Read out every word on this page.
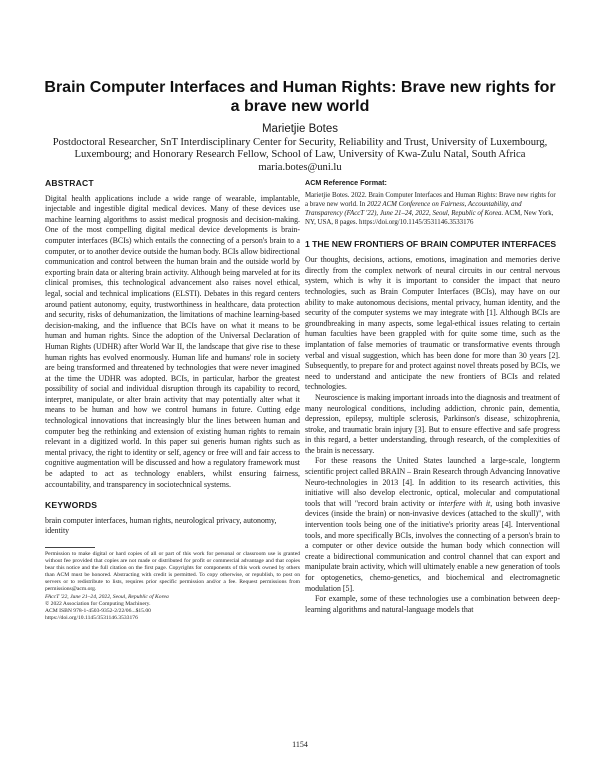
Brain Computer Interfaces and Human Rights: Brave new rights for a brave new world
Marietjie Botes
Postdoctoral Researcher, SnT Interdisciplinary Center for Security, Reliability and Trust, University of Luxembourg, Luxembourg; and Honorary Research Fellow, School of Law, University of Kwa-Zulu Natal, South Africa
maria.botes@uni.lu
ABSTRACT

Digital health applications include a wide range of wearable, implantable, injectable and ingestible digital medical devices. Many of these devices use machine learning algorithms to assist medical prognosis and decision-making. One of the most compelling digital medical device developments is brain-computer interfaces (BCIs) which entails the connecting of a person's brain to a computer, or to another device outside the human body. BCIs allow bidirectional communication and control between the human brain and the outside world by exporting brain data or altering brain activity. Although being marveled at for its clinical promises, this technological advancement also raises novel ethical, legal, social and technical implications (ELSTI). Debates in this regard centers around patient autonomy, equity, trustworthiness in healthcare, data protection and security, risks of dehumanization, the limitations of machine learning-based decision-making, and the influence that BCIs have on what it means to be human and human rights. Since the adoption of the Universal Declaration of Human Rights (UDHR) after World War II, the landscape that give rise to these human rights has evolved enormously. Human life and humans' role in society are being transformed and threatened by technologies that were never imagined at the time the UDHR was adopted. BCIs, in particular, harbor the greatest possibility of social and individual disruption through its capability to record, interpret, manipulate, or alter brain activity that may potentially alter what it means to be human and how we control humans in future. Cutting edge technological innovations that increasingly blur the lines between human and computer beg the rethinking and extension of existing human rights to remain relevant in a digitized world. In this paper sui generis human rights such as mental privacy, the right to identity or self, agency or free will and fair access to cognitive augmentation will be discussed and how a regulatory framework must be adapted to act as technology enablers, whilst ensuring fairness, accountability, and transparency in sociotechnical systems.

KEYWORDS

brain computer interfaces, human rights, neurological privacy, autonomy, identity

Permission to make digital or hard copies of all or part of this work for personal or classroom use is granted without fee provided that copies are not made or distributed for profit or commercial advantage and that copies bear this notice and the full citation on the first page. Copyrights for components of this work owned by others than ACM must be honored. Abstracting with credit is permitted. To copy otherwise, or republish, to post on servers or to redistribute to lists, requires prior specific permission and/or a fee. Request permissions from permissions@acm.org.
FAccT '22, June 21–24, 2022, Seoul, Republic of Korea
© 2022 Association for Computing Machinery.
ACM ISBN 978-1-4503-9352-2/22/06...$15.00
https://doi.org/10.1145/3531146.3533176
ACM Reference Format:
Marietjie Botes. 2022. Brain Computer Interfaces and Human Rights: Brave new rights for a brave new world. In 2022 ACM Conference on Fairness, Accountability, and Transparency (FAccT '22), June 21–24, 2022, Seoul, Republic of Korea. ACM, New York, NY, USA, 8 pages. https://doi.org/10.1145/3531146.3533176
1 THE NEW FRONTIERS OF BRAIN COMPUTER INTERFACES

Our thoughts, decisions, actions, emotions, imagination and memories derive directly from the complex network of neural circuits in our central nervous system, which is why it is important to consider the impact that neuro technologies, such as Brain Computer Interfaces (BCIs), may have on our ability to make autonomous decisions, mental privacy, human identity, and the security of the computer systems we may integrate with [1]. Although BCIs are groundbreaking in many aspects, some legal-ethical issues relating to certain human faculties have been grappled with for quite some time, such as the implantation of false memories of traumatic or transformative events through verbal and visual suggestion, which has been done for more than 30 years [2]. Subsequently, to prepare for and protect against novel threats posed by BCIs, we need to understand and anticipate the new frontiers of BCIs and related technologies.

Neuroscience is making important inroads into the diagnosis and treatment of many neurological conditions, including addiction, chronic pain, dementia, depression, epilepsy, multiple sclerosis, Parkinson's disease, schizophrenia, stroke, and traumatic brain injury [3]. But to ensure effective and safe progress in this regard, a better understanding, through research, of the complexities of the brain is necessary.

For these reasons the United States launched a large-scale, longterm scientific project called BRAIN – Brain Research through Advancing Innovative Neuro-technologies in 2013 [4]. In addition to its research activities, this initiative will also develop electronic, optical, molecular and computational tools that will "record brain activity or interfere with it, using both invasive devices (inside the brain) or non-invasive devices (attached to the skull)", with intervention tools being one of the initiative's priority areas [4]. Interventional tools, and more specifically BCIs, involves the connecting of a person's brain to a computer or other device outside the human body which connection will create a bidirectional communication and control channel that can export and manipulate brain activity, which will ultimately enable a new generation of tools for optogenetics, chemo-genetics, and biochemical and electromagnetic modulation [5].

For example, some of these technologies use a combination between deep-learning algorithms and natural-language models that

1154
